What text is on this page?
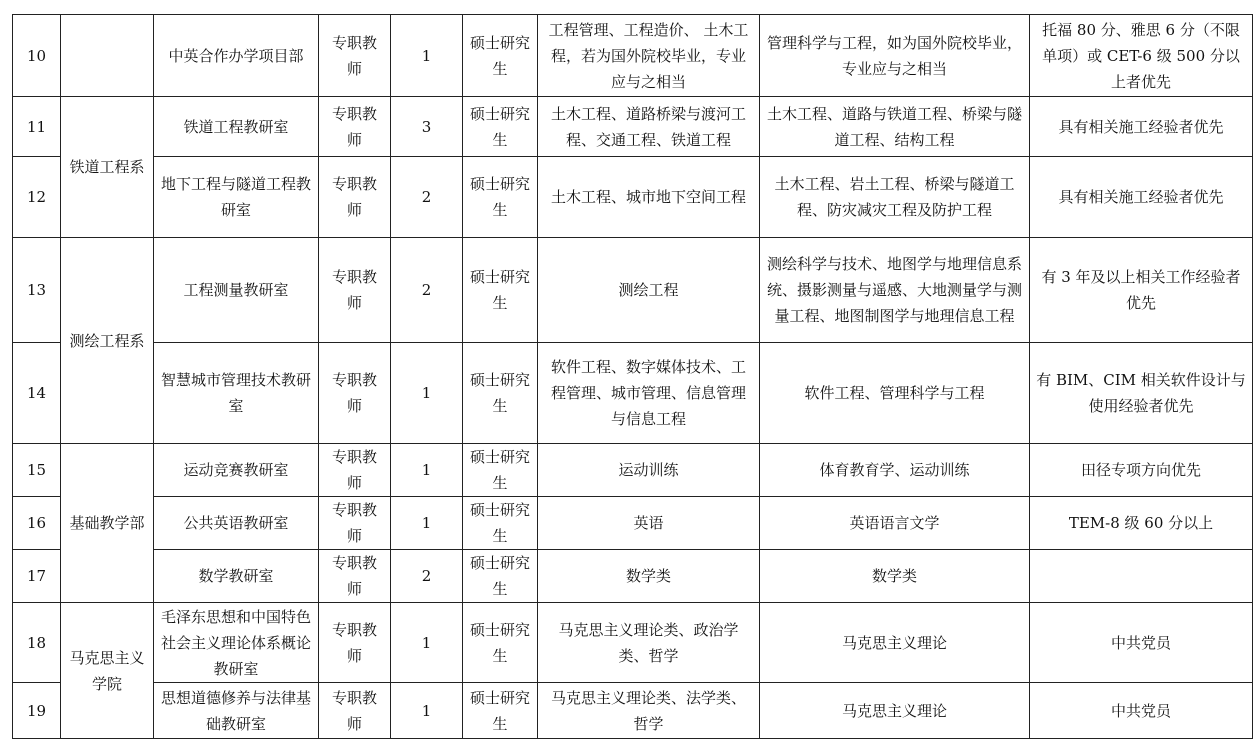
10		中英合作办学项目部	专职教师	1	硕士研究生	工程管理、工程造价、 土木工程，若为国外院校毕业，专业应与之相当	管理科学与工程，如为国外院校毕业，专业应与之相当	托福 80 分、雅思 6 分（不限单项）或 CET-6 级 500 分以上者优先
11	铁道工程系	铁道工程教研室	专职教师	3	硕士研究生	土木工程、道路桥梁与渡河工程、交通工程、铁道工程	土木工程、道路与铁道工程、桥梁与隧道工程、结构工程	具有相关施工经验者优先
12		地下工程与隧道工程教研室	专职教师	2	硕士研究生	土木工程、城市地下空间工程	土木工程、岩土工程、桥梁与隧道工程、防灾减灾工程及防护工程	具有相关施工经验者优先
13	测绘工程系	工程测量教研室	专职教师	2	硕士研究生	测绘工程	测绘科学与技术、地图学与地理信息系统、摄影测量与遥感、大地测量学与测量工程、地图制图学与地理信息工程	有 3 年及以上相关工作经验者优先
14		智慧城市管理技术教研室	专职教师	1	硕士研究生	软件工程、数字媒体技术、工程管理、城市管理、信息管理与信息工程	软件工程、管理科学与工程	有 BIM、CIM 相关软件设计与使用经验者优先
15	基础教学部	运动竞赛教研室	专职教师	1	硕士研究生	运动训练	体育教育学、运动训练	田径专项方向优先
16		公共英语教研室	专职教师	1	硕士研究生	英语	英语语言文学	TEM-8 级 60 分以上
17		数学教研室	专职教师	2	硕士研究生	数学类	数学类	
18	马克思主义学院	毛泽东思想和中国特色社会主义理论体系概论教研室	专职教师	1	硕士研究生	马克思主义理论类、政治学类、哲学	马克思主义理论	中共党员
19		思想道德修养与法律基础教研室	专职教师	1	硕士研究生	马克思主义理论类、法学类、哲学	马克思主义理论	中共党员
